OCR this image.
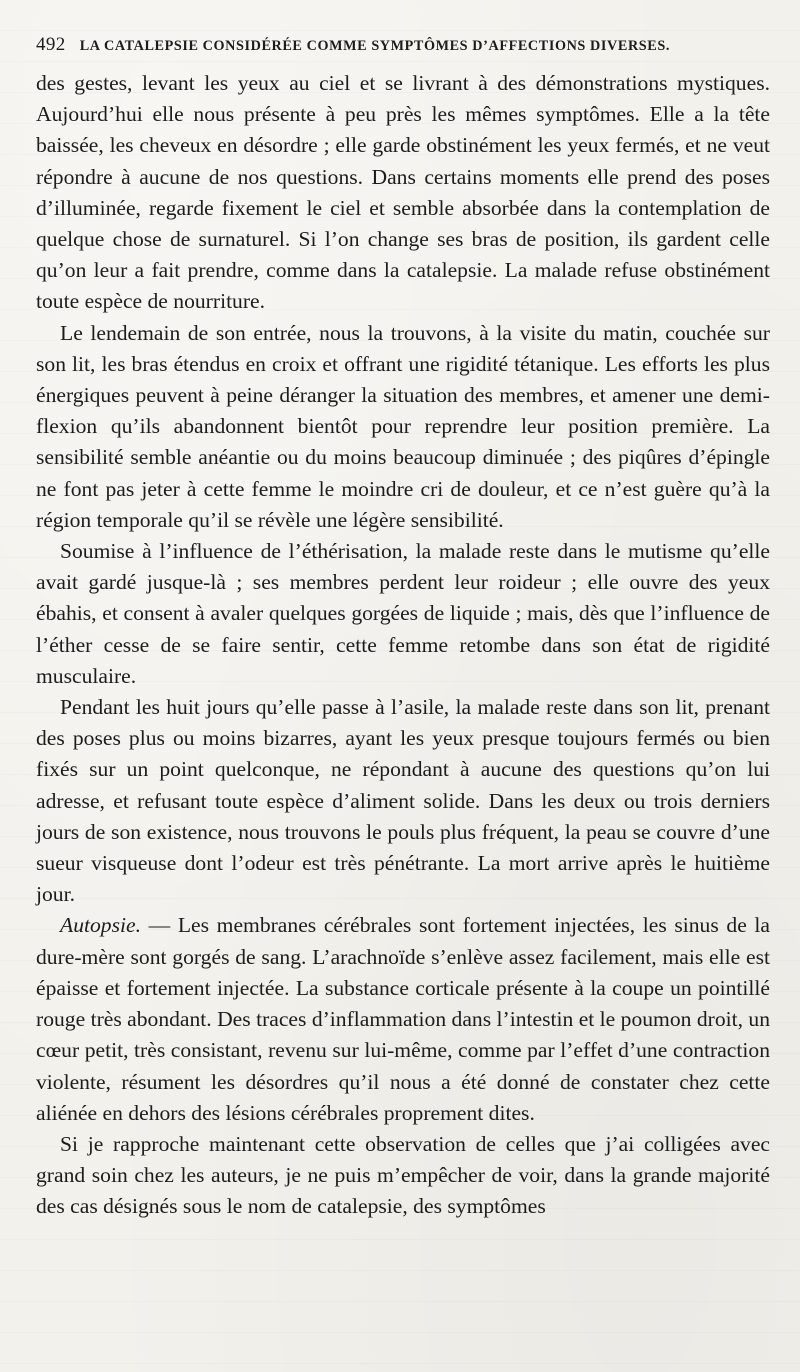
492 LA CATALEPSIE CONSIDÉRÉE COMME SYMPTÔMES D’AFFECTIONS DIVERSES.

des gestes, levant les yeux au ciel et se livrant à des démonstrations mystiques. Aujourd’hui elle nous présente à peu près les mêmes symptômes. Elle a la tête baissée, les cheveux en désordre ; elle garde obstinément les yeux fermés, et ne veut répondre à aucune de nos questions. Dans certains moments elle prend des poses d’illuminée, regarde fixement le ciel et semble absorbée dans la contemplation de quelque chose de surnaturel. Si l’on change ses bras de position, ils gardent celle qu’on leur a fait prendre, comme dans la catalepsie. La malade refuse obstinément toute espèce de nourriture.

Le lendemain de son entrée, nous la trouvons, à la visite du matin, couchée sur son lit, les bras étendus en croix et offrant une rigidité tétanique. Les efforts les plus énergiques peuvent à peine déranger la situation des membres, et amener une demi-flexion qu’ils abandonnent bientôt pour reprendre leur position première. La sensibilité semble anéantie ou du moins beaucoup diminuée ; des piqûres d’épingle ne font pas jeter à cette femme le moindre cri de douleur, et ce n’est guère qu’à la région temporale qu’il se révèle une légère sensibilité.

Soumise à l’influence de l’éthérisation, la malade reste dans le mutisme qu’elle avait gardé jusque-là ; ses membres perdent leur roideur ; elle ouvre des yeux ébahis, et consent à avaler quelques gorgées de liquide ; mais, dès que l’influence de l’éther cesse de se faire sentir, cette femme retombe dans son état de rigidité musculaire.

Pendant les huit jours qu’elle passe à l’asile, la malade reste dans son lit, prenant des poses plus ou moins bizarres, ayant les yeux presque toujours fermés ou bien fixés sur un point quelconque, ne répondant à aucune des questions qu’on lui adresse, et refusant toute espèce d’aliment solide. Dans les deux ou trois derniers jours de son existence, nous trouvons le pouls plus fréquent, la peau se couvre d’une sueur visqueuse dont l’odeur est très pénétrante. La mort arrive après le huitième jour.

Autopsie. — Les membranes cérébrales sont fortement injectées, les sinus de la dure-mère sont gorgés de sang. L’arachnoïde s’enlève assez facilement, mais elle est épaisse et fortement injectée. La substance corticale présente à la coupe un pointillé rouge très abondant. Des traces d’inflammation dans l’intestin et le poumon droit, un cœur petit, très consistant, revenu sur lui-même, comme par l’effet d’une contraction violente, résument les désordres qu’il nous a été donné de constater chez cette aliénée en dehors des lésions cérébrales proprement dites.

Si je rapproche maintenant cette observation de celles que j’ai colligées avec grand soin chez les auteurs, je ne puis m’empêcher de voir, dans la grande majorité des cas désignés sous le nom de catalepsie, des symptômes
